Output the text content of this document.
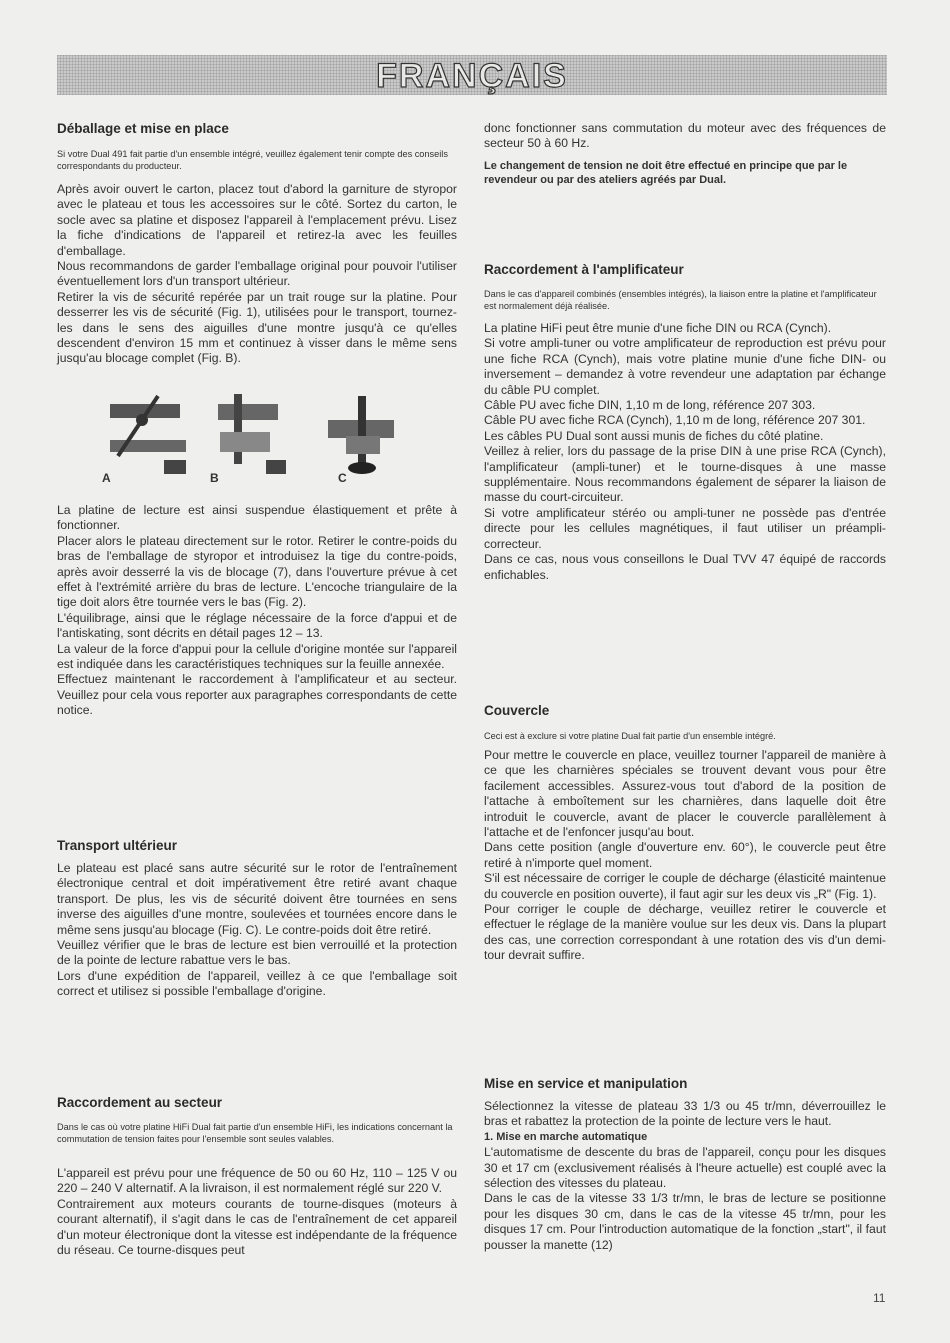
FRANÇAIS
Déballage et mise en place
Si votre Dual 491 fait partie d'un ensemble intégré, veuillez également tenir compte des conseils correspondants du producteur.

Après avoir ouvert le carton, placez tout d'abord la garniture de styropor avec le plateau et tous les accessoires sur le côté. Sortez du carton, le socle avec sa platine et disposez l'appareil à l'emplacement prévu. Lisez la fiche d'indications de l'appareil et retirez-la avec les feuilles d'emballage.

Nous recommandons de garder l'emballage original pour pouvoir l'utiliser éventuellement lors d'un transport ultérieur.

Retirer la vis de sécurité repérée par un trait rouge sur la platine. Pour desserrer les vis de sécurité (Fig. 1), utilisées pour le transport, tournez-les dans le sens des aiguilles d'une montre jusqu'à ce qu'elles descendent d'environ 15 mm et continuez à visser dans le même sens jusqu'au blocage complet (Fig. B).

A	B	C

La platine de lecture est ainsi suspendue élastiquement et prête à fonctionner.

Placer alors le plateau directement sur le rotor. Retirer le contre-poids du bras de l'emballage de styropor et introduisez la tige du contre-poids, après avoir desserré la vis de blocage (7), dans l'ouverture prévue à cet effet à l'extrémité arrière du bras de lecture. L'encoche triangulaire de la tige doit alors être tournée vers le bas (Fig. 2).

L'équilibrage, ainsi que le réglage nécessaire de la force d'appui et de l'antiskating, sont décrits en détail pages 12 – 13.

La valeur de la force d'appui pour la cellule d'origine montée sur l'appareil est indiquée dans les caractéristiques techniques sur la feuille annexée.

Effectuez maintenant le raccordement à l'amplificateur et au secteur. Veuillez pour cela vous reporter aux paragraphes correspondants de cette notice.

Transport ultérieur

Le plateau est placé sans autre sécurité sur le rotor de l'entraînement électronique central et doit impérativement être retiré avant chaque transport. De plus, les vis de sécurité doivent être tournées en sens inverse des aiguilles d'une montre, soulevées et tournées encore dans le même sens jusqu'au blocage (Fig. C). Le contre-poids doit être retiré.

Veuillez vérifier que le bras de lecture est bien verrouillé et la protection de la pointe de lecture rabattue vers le bas.

Lors d'une expédition de l'appareil, veillez à ce que l'emballage soit correct et utilisez si possible l'emballage d'origine.

Raccordement au secteur
Dans le cas où votre platine HiFi Dual fait partie d'un ensemble HiFi, les indications concernant la commutation de tension faites pour l'ensemble sont seules valables.

L'appareil est prévu pour une fréquence de 50 ou 60 Hz, 110 – 125 V ou 220 – 240 V alternatif. A la livraison, il est normalement réglé sur 220 V.

Contrairement aux moteurs courants de tourne-disques (moteurs à courant alternatif), il s'agit dans le cas de l'entraînement de cet appareil d'un moteur électronique dont la vitesse est indépendante de la fréquence du réseau. Ce tourne-disques peut

donc fonctionner sans commutation du moteur avec des fréquences de secteur 50 à 60 Hz.

Le changement de tension ne doit être effectué en principe que par le revendeur ou par des ateliers agréés par Dual.
Raccordement à l'amplificateur
Dans le cas d'appareil combinés (ensembles intégrés), la liaison entre la platine et l'amplificateur est normalement déjà réalisée.

La platine HiFi peut être munie d'une fiche DIN ou RCA (Cynch).

Si votre ampli-tuner ou votre amplificateur de reproduction est prévu pour une fiche RCA (Cynch), mais votre platine munie d'une fiche DIN- ou inversement – demandez à votre revendeur une adaptation par échange du câble PU complet.

Câble PU avec fiche DIN, 1,10 m de long, référence 207 303.

Câble PU avec fiche RCA (Cynch), 1,10 m de long, référence 207 301.

Les câbles PU Dual sont aussi munis de fiches du côté platine.

Veillez à relier, lors du passage de la prise DIN à une prise RCA (Cynch), l'amplificateur (ampli-tuner) et le tourne-disques à une masse supplémentaire. Nous recommandons également de séparer la liaison de masse du court-circuiteur.

Si votre amplificateur stéréo ou ampli-tuner ne possède pas d'entrée directe pour les cellules magnétiques, il faut utiliser un préampli-correcteur.

Dans ce cas, nous vous conseillons le Dual TVV 47 équipé de raccords enfichables.

Couvercle
Ceci est à exclure si votre platine Dual fait partie d'un ensemble intégré.

Pour mettre le couvercle en place, veuillez tourner l'appareil de manière à ce que les charnières spéciales se trouvent devant vous pour être facilement accessibles. Assurez-vous tout d'abord de la position de l'attache à emboîtement sur les charnières, dans laquelle doit être introduit le couvercle, avant de placer le couvercle parallèlement à l'attache et de l'enfoncer jusqu'au bout.

Dans cette position (angle d'ouverture env. 60°), le couvercle peut être retiré à n'importe quel moment.

S'il est nécessaire de corriger le couple de décharge (élasticité maintenue du couvercle en position ouverte), il faut agir sur les deux vis „R" (Fig. 1).

Pour corriger le couple de décharge, veuillez retirer le couvercle et effectuer le réglage de la manière voulue sur les deux vis. Dans la plupart des cas, une correction correspondant à une rotation des vis d'un demi-tour devrait suffire.

Mise en service et manipulation

Sélectionnez la vitesse de plateau 33 1/3 ou 45 tr/mn, déverrouillez le bras et rabattez la protection de la pointe de lecture vers le haut.

1. Mise en marche automatique

L'automatisme de descente du bras de l'appareil, conçu pour les disques 30 et 17 cm (exclusivement réalisés à l'heure actuelle) est couplé avec la sélection des vitesses du plateau.

Dans le cas de la vitesse 33 1/3 tr/mn, le bras de lecture se positionne pour les disques 30 cm, dans le cas de la vitesse 45 tr/mn, pour les disques 17 cm. Pour l'introduction automatique de la fonction „start", il faut pousser la manette (12)

11
